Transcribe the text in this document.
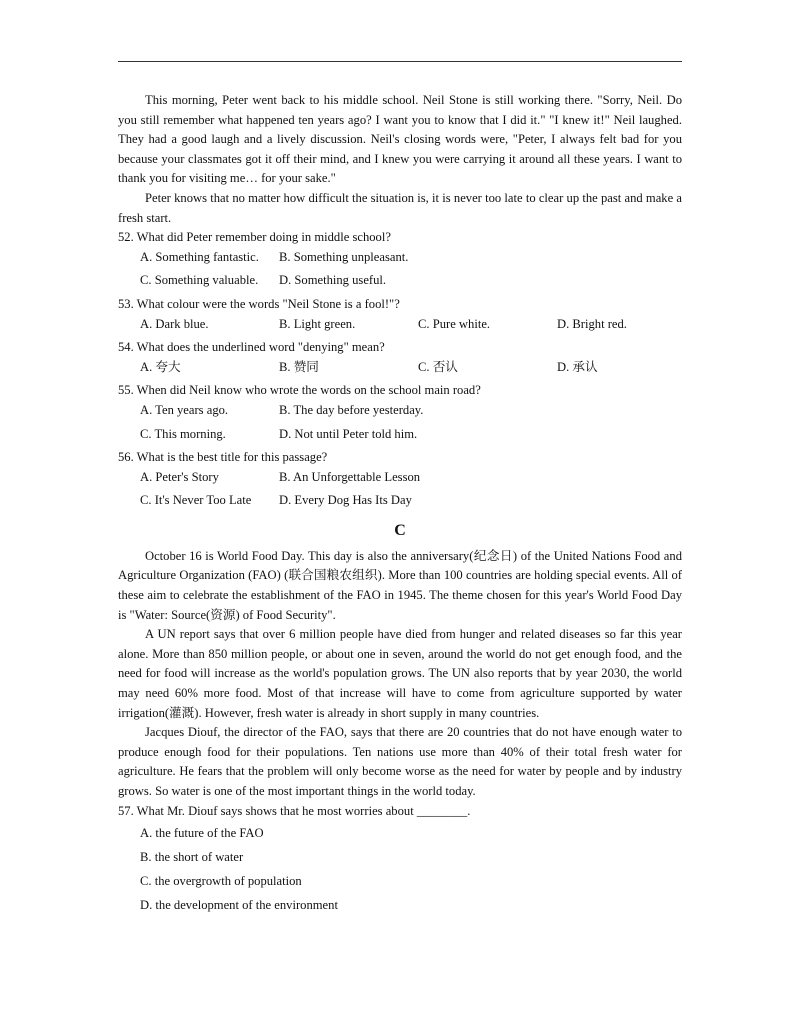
This morning, Peter went back to his middle school. Neil Stone is still working there. "Sorry, Neil. Do you still remember what happened ten years ago? I want you to know that I did it." "I knew it!" Neil laughed. They had a good laugh and a lively discussion. Neil's closing words were, "Peter, I always felt bad for you because your classmates got it off their mind, and I knew you were carrying it around all these years. I want to thank you for visiting me… for your sake."

Peter knows that no matter how difficult the situation is, it is never too late to clear up the past and make a fresh start.

52. What did Peter remember doing in middle school?

A. Something fantastic.	B. Something unpleasant.
C. Something valuable.	D. Something useful.

53. What colour were the words "Neil Stone is a fool!"?

A. Dark blue.	B. Light green.	C. Pure white.	D. Bright red.

54. What does the underlined word "denying" mean?

A. 夸大	B. 赞同	C. 否认	D. 承认

55. When did Neil know who wrote the words on the school main road?

A. Ten years ago.	B. The day before yesterday.
C. This morning.	D. Not until Peter told him.

56. What is the best title for this passage?

A. Peter's Story	B. An Unforgettable Lesson
C. It's Never Too Late	D. Every Dog Has Its Day
C

October 16 is World Food Day. This day is also the anniversary(纪念日) of the United Nations Food and Agriculture Organization (FAO) (联合国粮农组织). More than 100 countries are holding special events. All of these aim to celebrate the establishment of the FAO in 1945. The theme chosen for this year's World Food Day is "Water: Source(资源) of Food Security".

A UN report says that over 6 million people have died from hunger and related diseases so far this year alone. More than 850 million people, or about one in seven, around the world do not get enough food, and the need for food will increase as the world's population grows. The UN also reports that by year 2030, the world may need 60% more food. Most of that increase will have to come from agriculture supported by water irrigation(灌溉). However, fresh water is already in short supply in many countries.

Jacques Diouf, the director of the FAO, says that there are 20 countries that do not have enough water to produce enough food for their populations. Ten nations use more than 40% of their total fresh water for agriculture. He fears that the problem will only become worse as the need for water by people and by industry grows. So water is one of the most important things in the world today.

57. What Mr. Diouf says shows that he most worries about ________.

A. the future of the FAO
B. the short of water
C. the overgrowth of population
D. the development of the environment
